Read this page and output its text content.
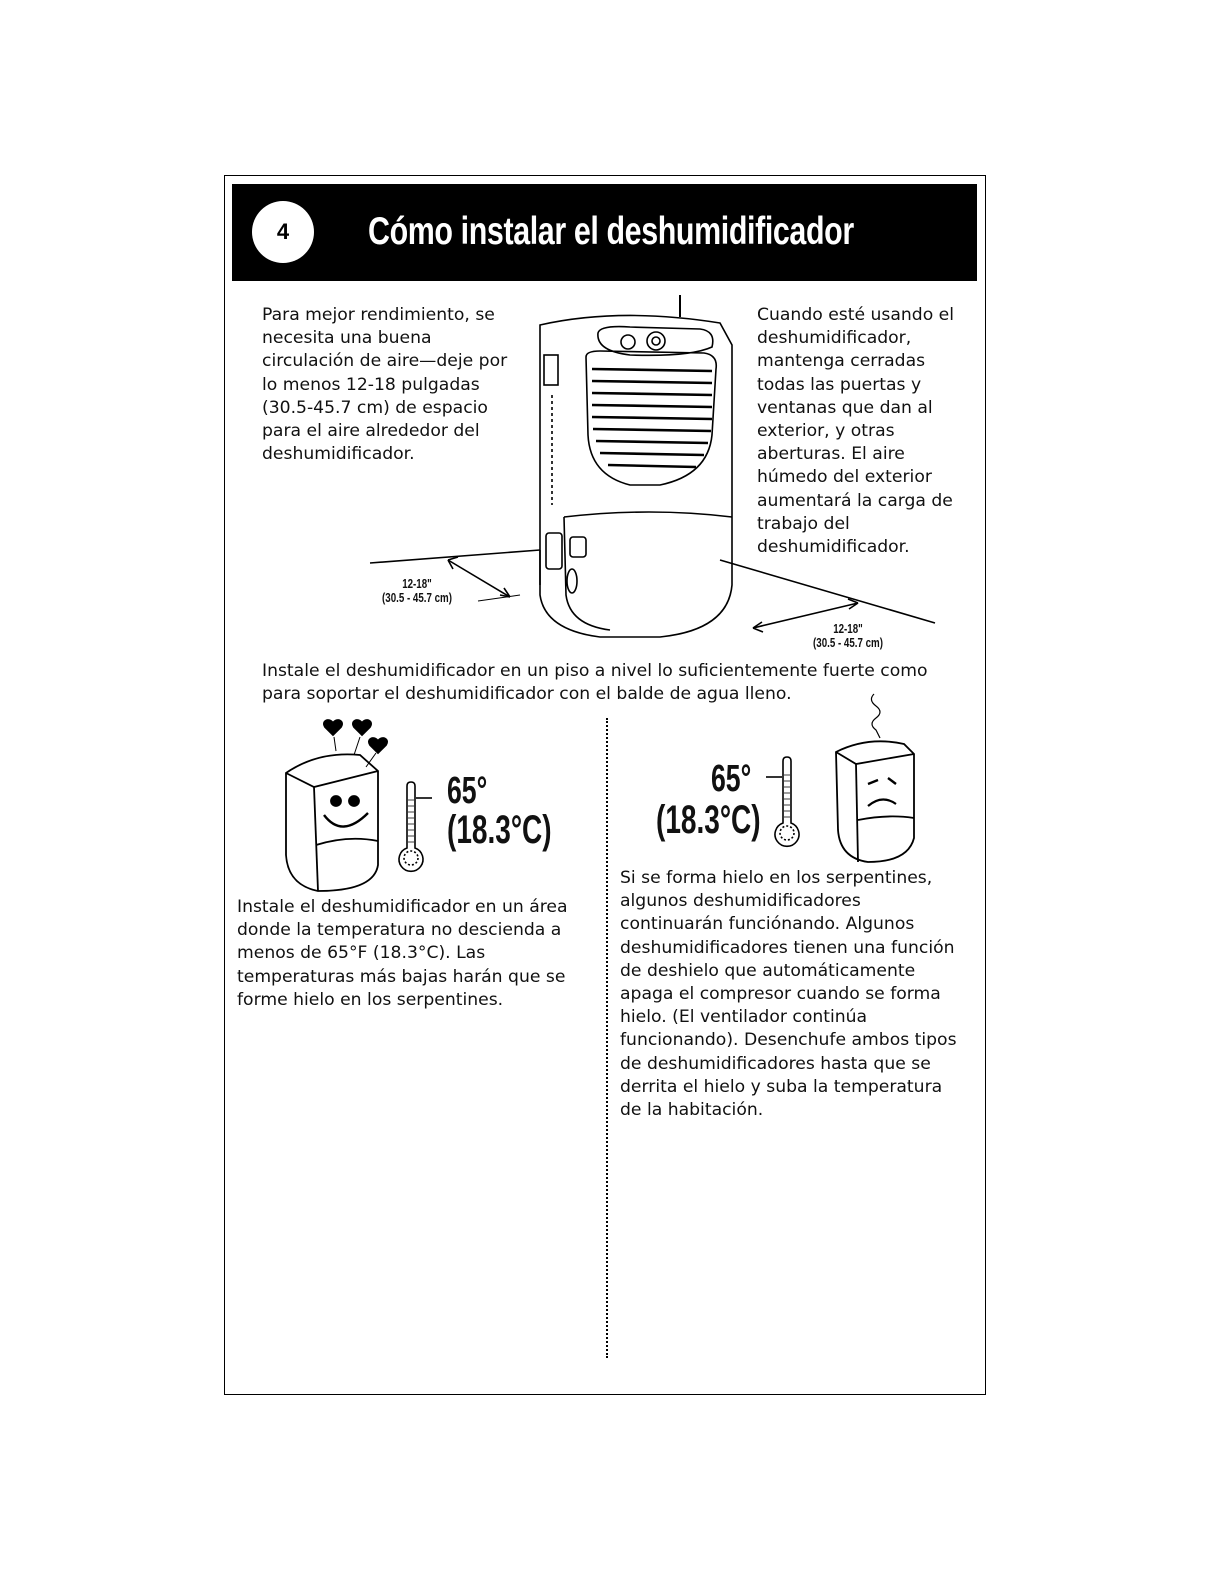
4	Cómo instalar el deshumidificador
Para mejor rendimiento, se
necesita una buena
circulación de aire—deje por
lo menos 12-18 pulgadas
(30.5-45.7 cm) de espacio
para el aire alrededor del
deshumidificador.
Cuando esté usando el
deshumidificador,
mantenga cerradas
todas las puertas y
ventanas que dan al
exterior, y otras
aberturas. El aire
húmedo del exterior
aumentará la carga de
trabajo del
deshumidificador.
12-18"
(30.5 - 45.7 cm)
12-18"
(30.5 - 45.7 cm)
Instale el deshumidificador en un piso a nivel lo suficientemente fuerte como
para soportar el deshumidificador con el balde de agua lleno.
65°
(18.3°C)
Instale el deshumidificador en un área
donde la temperatura no descienda a
menos de 65°F (18.3°C). Las
temperaturas más bajas harán que se
forme hielo en los serpentines.
65°
(18.3°C)
Si se forma hielo en los serpentines,
algunos deshumidificadores
continuarán funciónando. Algunos
deshumidificadores tienen una función
de deshielo que automáticamente
apaga el compresor cuando se forma
hielo. (El ventilador continúa
funcionando). Desenchufe ambos tipos
de deshumidificadores hasta que se
derrita el hielo y suba la temperatura
de la habitación.
